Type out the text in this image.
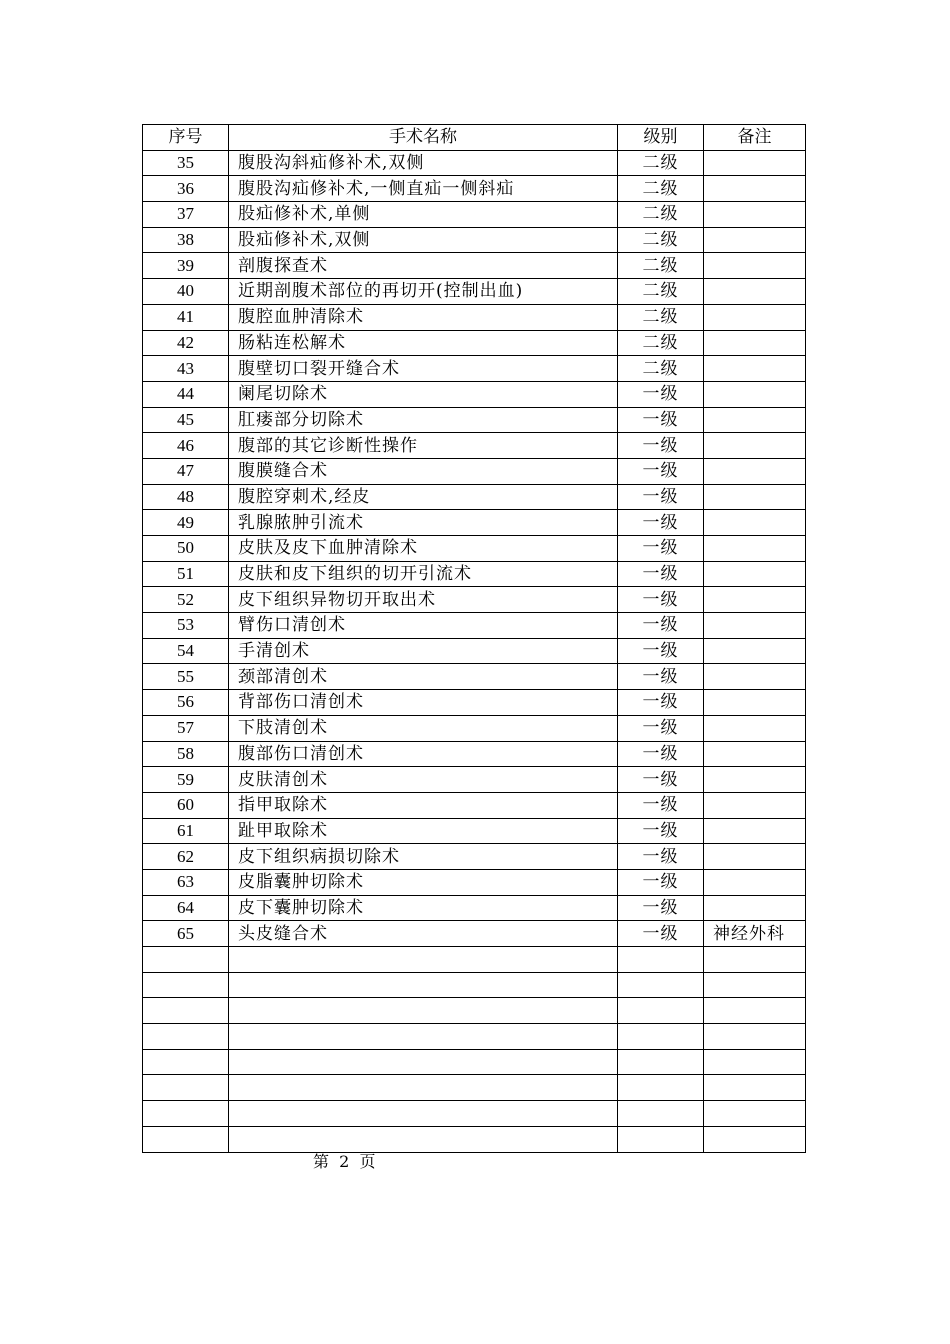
序号	手术名称	级别	备注
35	腹股沟斜疝修补术,双侧	二级	
36	腹股沟疝修补术,一侧直疝一侧斜疝	二级	
37	股疝修补术,单侧	二级	
38	股疝修补术,双侧	二级	
39	剖腹探查术	二级	
40	近期剖腹术部位的再切开(控制出血)	二级	
41	腹腔血肿清除术	二级	
42	肠粘连松解术	二级	
43	腹壁切口裂开缝合术	二级	
44	阑尾切除术	一级	
45	肛瘘部分切除术	一级	
46	腹部的其它诊断性操作	一级	
47	腹膜缝合术	一级	
48	腹腔穿刺术,经皮	一级	
49	乳腺脓肿引流术	一级	
50	皮肤及皮下血肿清除术	一级	
51	皮肤和皮下组织的切开引流术	一级	
52	皮下组织异物切开取出术	一级	
53	臂伤口清创术	一级	
54	手清创术	一级	
55	颈部清创术	一级	
56	背部伤口清创术	一级	
57	下肢清创术	一级	
58	腹部伤口清创术	一级	
59	皮肤清创术	一级	
60	指甲取除术	一级	
61	趾甲取除术	一级	
62	皮下组织病损切除术	一级	
63	皮脂囊肿切除术	一级	
64	皮下囊肿切除术	一级	
65	头皮缝合术	一级	神经外科

第  2  页
